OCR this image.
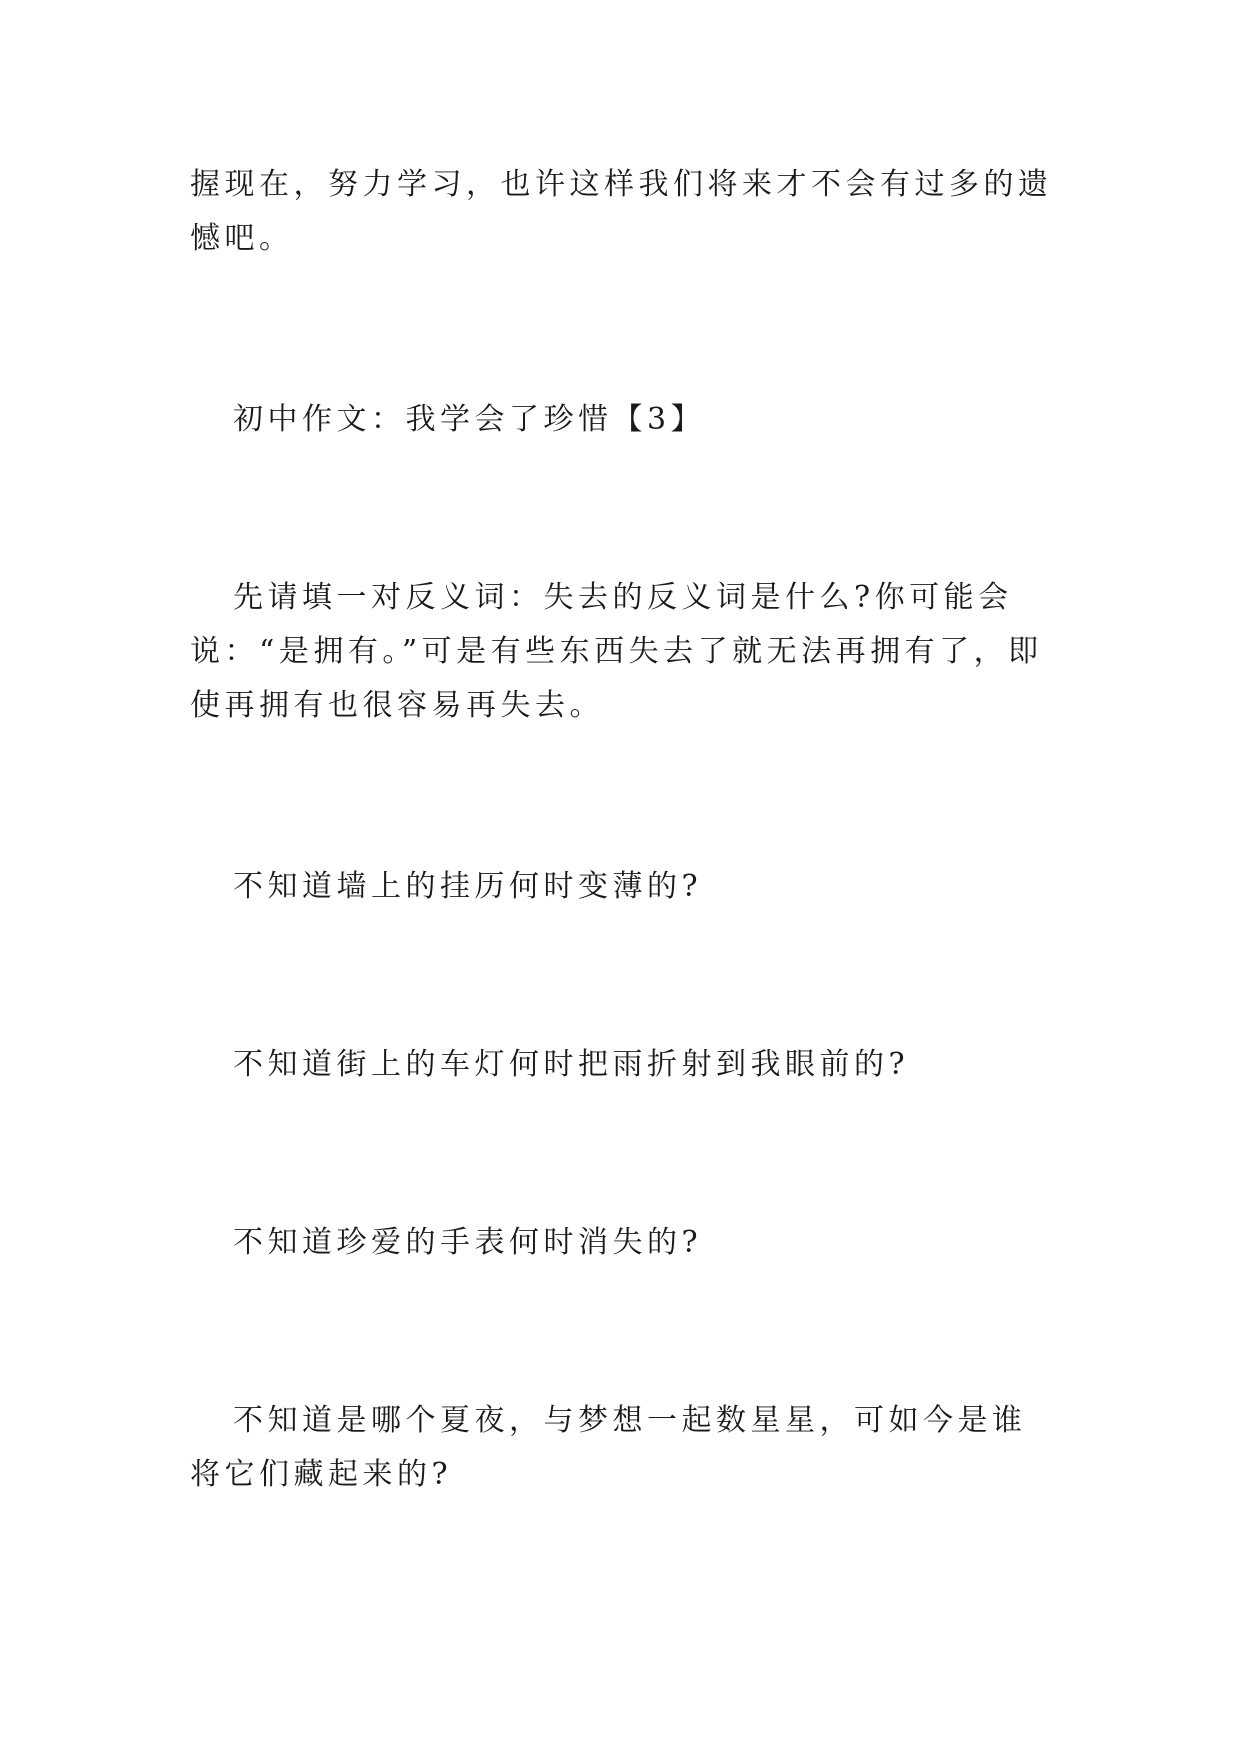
握现在，努力学习，也许这样我们将来才不会有过多的遗憾吧。

初中作文：我学会了珍惜【3】

先请填一对反义词：失去的反义词是什么?你可能会说：“是拥有。”可是有些东西失去了就无法再拥有了，即使再拥有也很容易再失去。

不知道墙上的挂历何时变薄的?

不知道街上的车灯何时把雨折射到我眼前的?

不知道珍爱的手表何时消失的?

不知道是哪个夏夜，与梦想一起数星星，可如今是谁将它们藏起来的?
